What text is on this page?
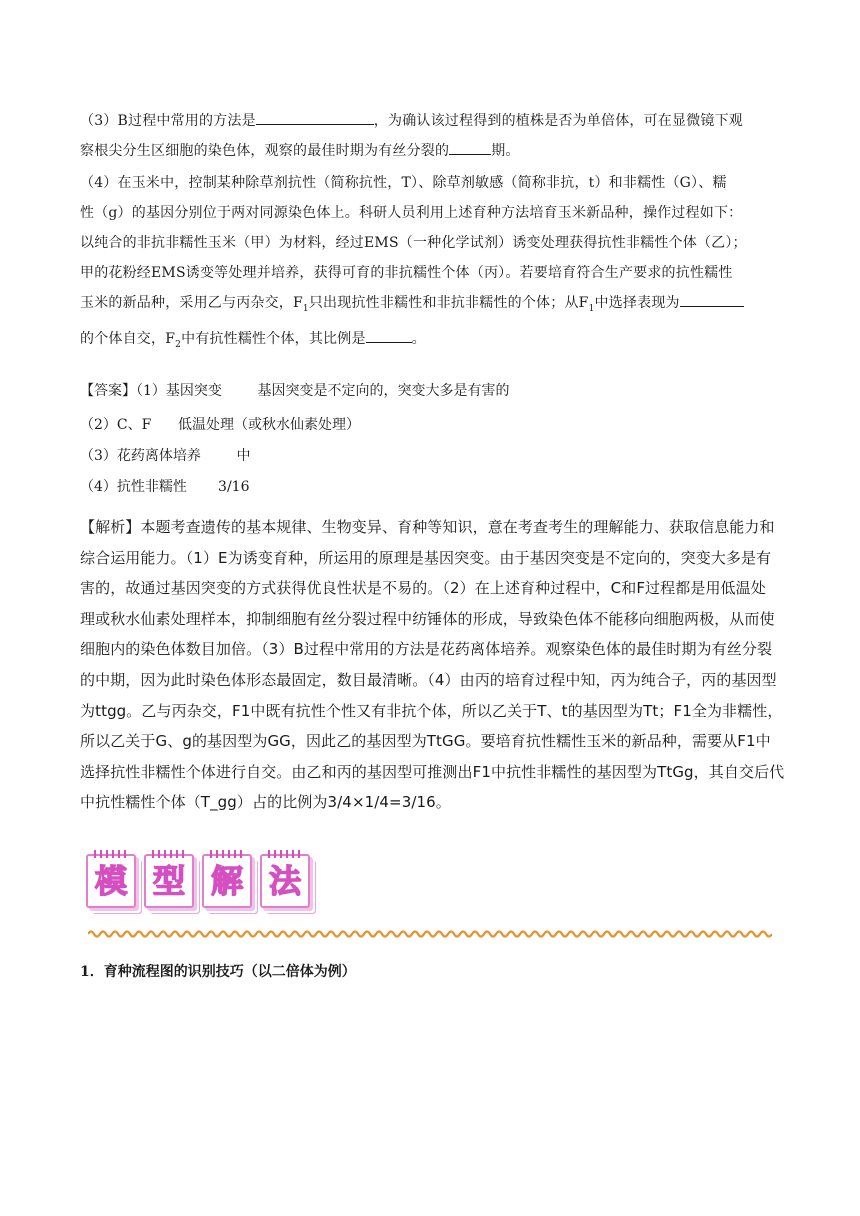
（3）B过程中常用的方法是	，为确认该过程得到的植株是否为单倍体，可在显微镜下观
察根尖分生区细胞的染色体，观察的最佳时期为有丝分裂的	期。
（4）在玉米中，控制某种除草剂抗性（简称抗性，T）、除草剂敏感（简称非抗，t）和非糯性（G）、糯
性（g）的基因分别位于两对同源染色体上。科研人员利用上述育种方法培育玉米新品种，操作过程如下：
以纯合的非抗非糯性玉米（甲）为材料，经过EMS（一种化学试剂）诱变处理获得抗性非糯性个体（乙）；
甲的花粉经EMS诱变等处理并培养，获得可育的非抗糯性个体（丙）。若要培育符合生产要求的抗性糯性
玉米的新品种，采用乙与丙杂交，$F_1$只出现抗性非糯性和非抗非糯性的个体；从$F_1$中选择表现为
的个体自交，$F_2$中有抗性糯性个体，其比例是	。
【答案】（1）基因突变        基因突变是不定向的，突变大多是有害的
（2）C、F      低温处理（或秋水仙素处理）
（3）花药离体培养        中
（4）抗性非糯性       3/16
【解析】本题考查遗传的基本规律、生物变异、育种等知识，意在考查考生的理解能力、获取信息能力和
综合运用能力。（1）E为诱变育种，所运用的原理是基因突变。由于基因突变是不定向的，突变大多是有
害的，故通过基因突变的方式获得优良性状是不易的。（2）在上述育种过程中，C和F过程都是用低温处
理或秋水仙素处理样本，抑制细胞有丝分裂过程中纺锤体的形成，导致染色体不能移向细胞两极，从而使
细胞内的染色体数目加倍。（3）B过程中常用的方法是花药离体培养。观察染色体的最佳时期为有丝分裂
的中期，因为此时染色体形态最固定，数目最清晰。（4）由丙的培育过程中知，丙为纯合子，丙的基因型
为ttgg。乙与丙杂交，F1中既有抗性个性又有非抗个体，所以乙关于T、t的基因型为Tt；F1全为非糯性，
所以乙关于G、g的基因型为GG，因此乙的基因型为TtGG。要培育抗性糯性玉米的新品种，需要从F1中
选择抗性非糯性个体进行自交。由乙和丙的基因型可推测出F1中抗性非糯性的基因型为TtGg，其自交后代
中抗性糯性个体（T_gg）占的比例为3/4×1/4=3/16。
模 型 解 法
1．育种流程图的识别技巧（以二倍体为例）
